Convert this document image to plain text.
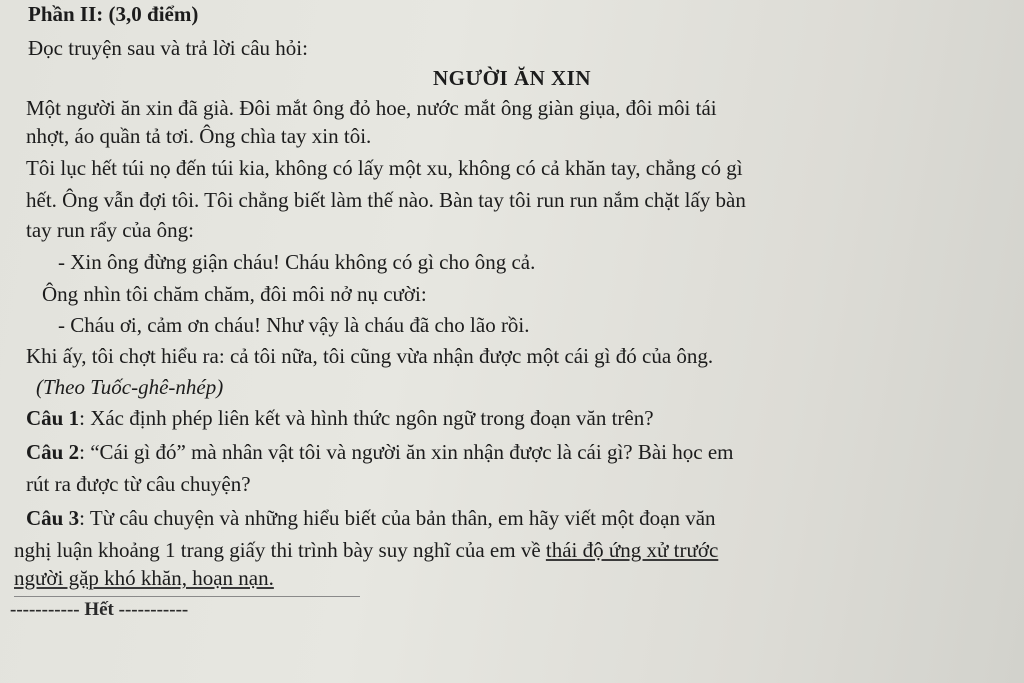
Phần II: (3,0 điểm)
Đọc truyện sau và trả lời câu hỏi:
NGƯỜI ĂN XIN
Một người ăn xin đã già. Đôi mắt ông đỏ hoe, nước mắt ông giàn giụa, đôi môi tái
nhợt, áo quần tả tơi. Ông chìa tay xin tôi.
Tôi lục hết túi nọ đến túi kia, không có lấy một xu, không có cả khăn tay, chẳng có gì
hết. Ông vẫn đợi tôi. Tôi chẳng biết làm thế nào. Bàn tay tôi run run nắm chặt lấy bàn
tay run rẩy của ông:
- Xin ông đừng giận cháu! Cháu không có gì cho ông cả.
Ông nhìn tôi chăm chăm, đôi môi nở nụ cười:
- Cháu ơi, cảm ơn cháu! Như vậy là cháu đã cho lão rồi.
Khi ấy, tôi chợt hiểu ra: cả tôi nữa, tôi cũng vừa nhận được một cái gì đó của ông.
(Theo Tuốc-ghê-nhép)
Câu 1: Xác định phép liên kết và hình thức ngôn ngữ trong đoạn văn trên?
Câu 2: “Cái gì đó” mà nhân vật tôi và người ăn xin nhận được là cái gì? Bài học em
rút ra được từ câu chuyện?
Câu 3: Từ câu chuyện và những hiểu biết của bản thân, em hãy viết một đoạn văn
nghị luận khoảng 1 trang giấy thi trình bày suy nghĩ của em về thái độ ứng xử trước
người gặp khó khăn, hoạn nạn.
----------- Hết -----------
